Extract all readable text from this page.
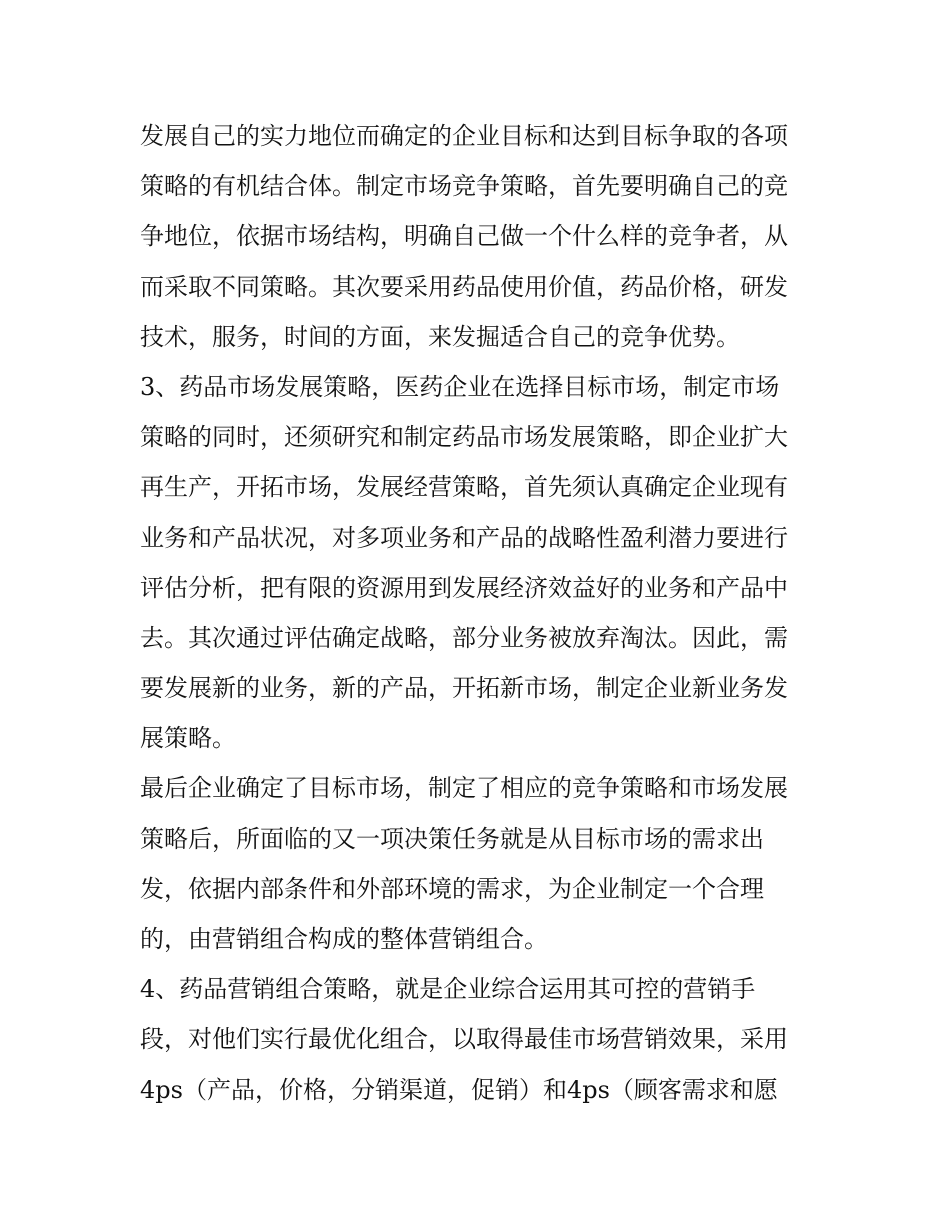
发展自己的实力地位而确定的企业目标和达到目标争取的各项
策略的有机结合体。制定市场竞争策略，首先要明确自己的竞
争地位，依据市场结构，明确自己做一个什么样的竞争者，从
而采取不同策略。其次要采用药品使用价值，药品价格，研发
技术，服务，时间的方面，来发掘适合自己的竞争优势。
3、药品市场发展策略，医药企业在选择目标市场，制定市场
策略的同时，还须研究和制定药品市场发展策略，即企业扩大
再生产，开拓市场，发展经营策略，首先须认真确定企业现有
业务和产品状况，对多项业务和产品的战略性盈利潜力要进行
评估分析，把有限的资源用到发展经济效益好的业务和产品中
去。其次通过评估确定战略，部分业务被放弃淘汰。因此，需
要发展新的业务，新的产品，开拓新市场，制定企业新业务发
展策略。
最后企业确定了目标市场，制定了相应的竞争策略和市场发展
策略后，所面临的又一项决策任务就是从目标市场的需求出
发，依据内部条件和外部环境的需求，为企业制定一个合理
的，由营销组合构成的整体营销组合。
4、药品营销组合策略，就是企业综合运用其可控的营销手
段，对他们实行最优化组合，以取得最佳市场营销效果，采用
4ps（产品，价格，分销渠道，促销）和4ps（顾客需求和愿
